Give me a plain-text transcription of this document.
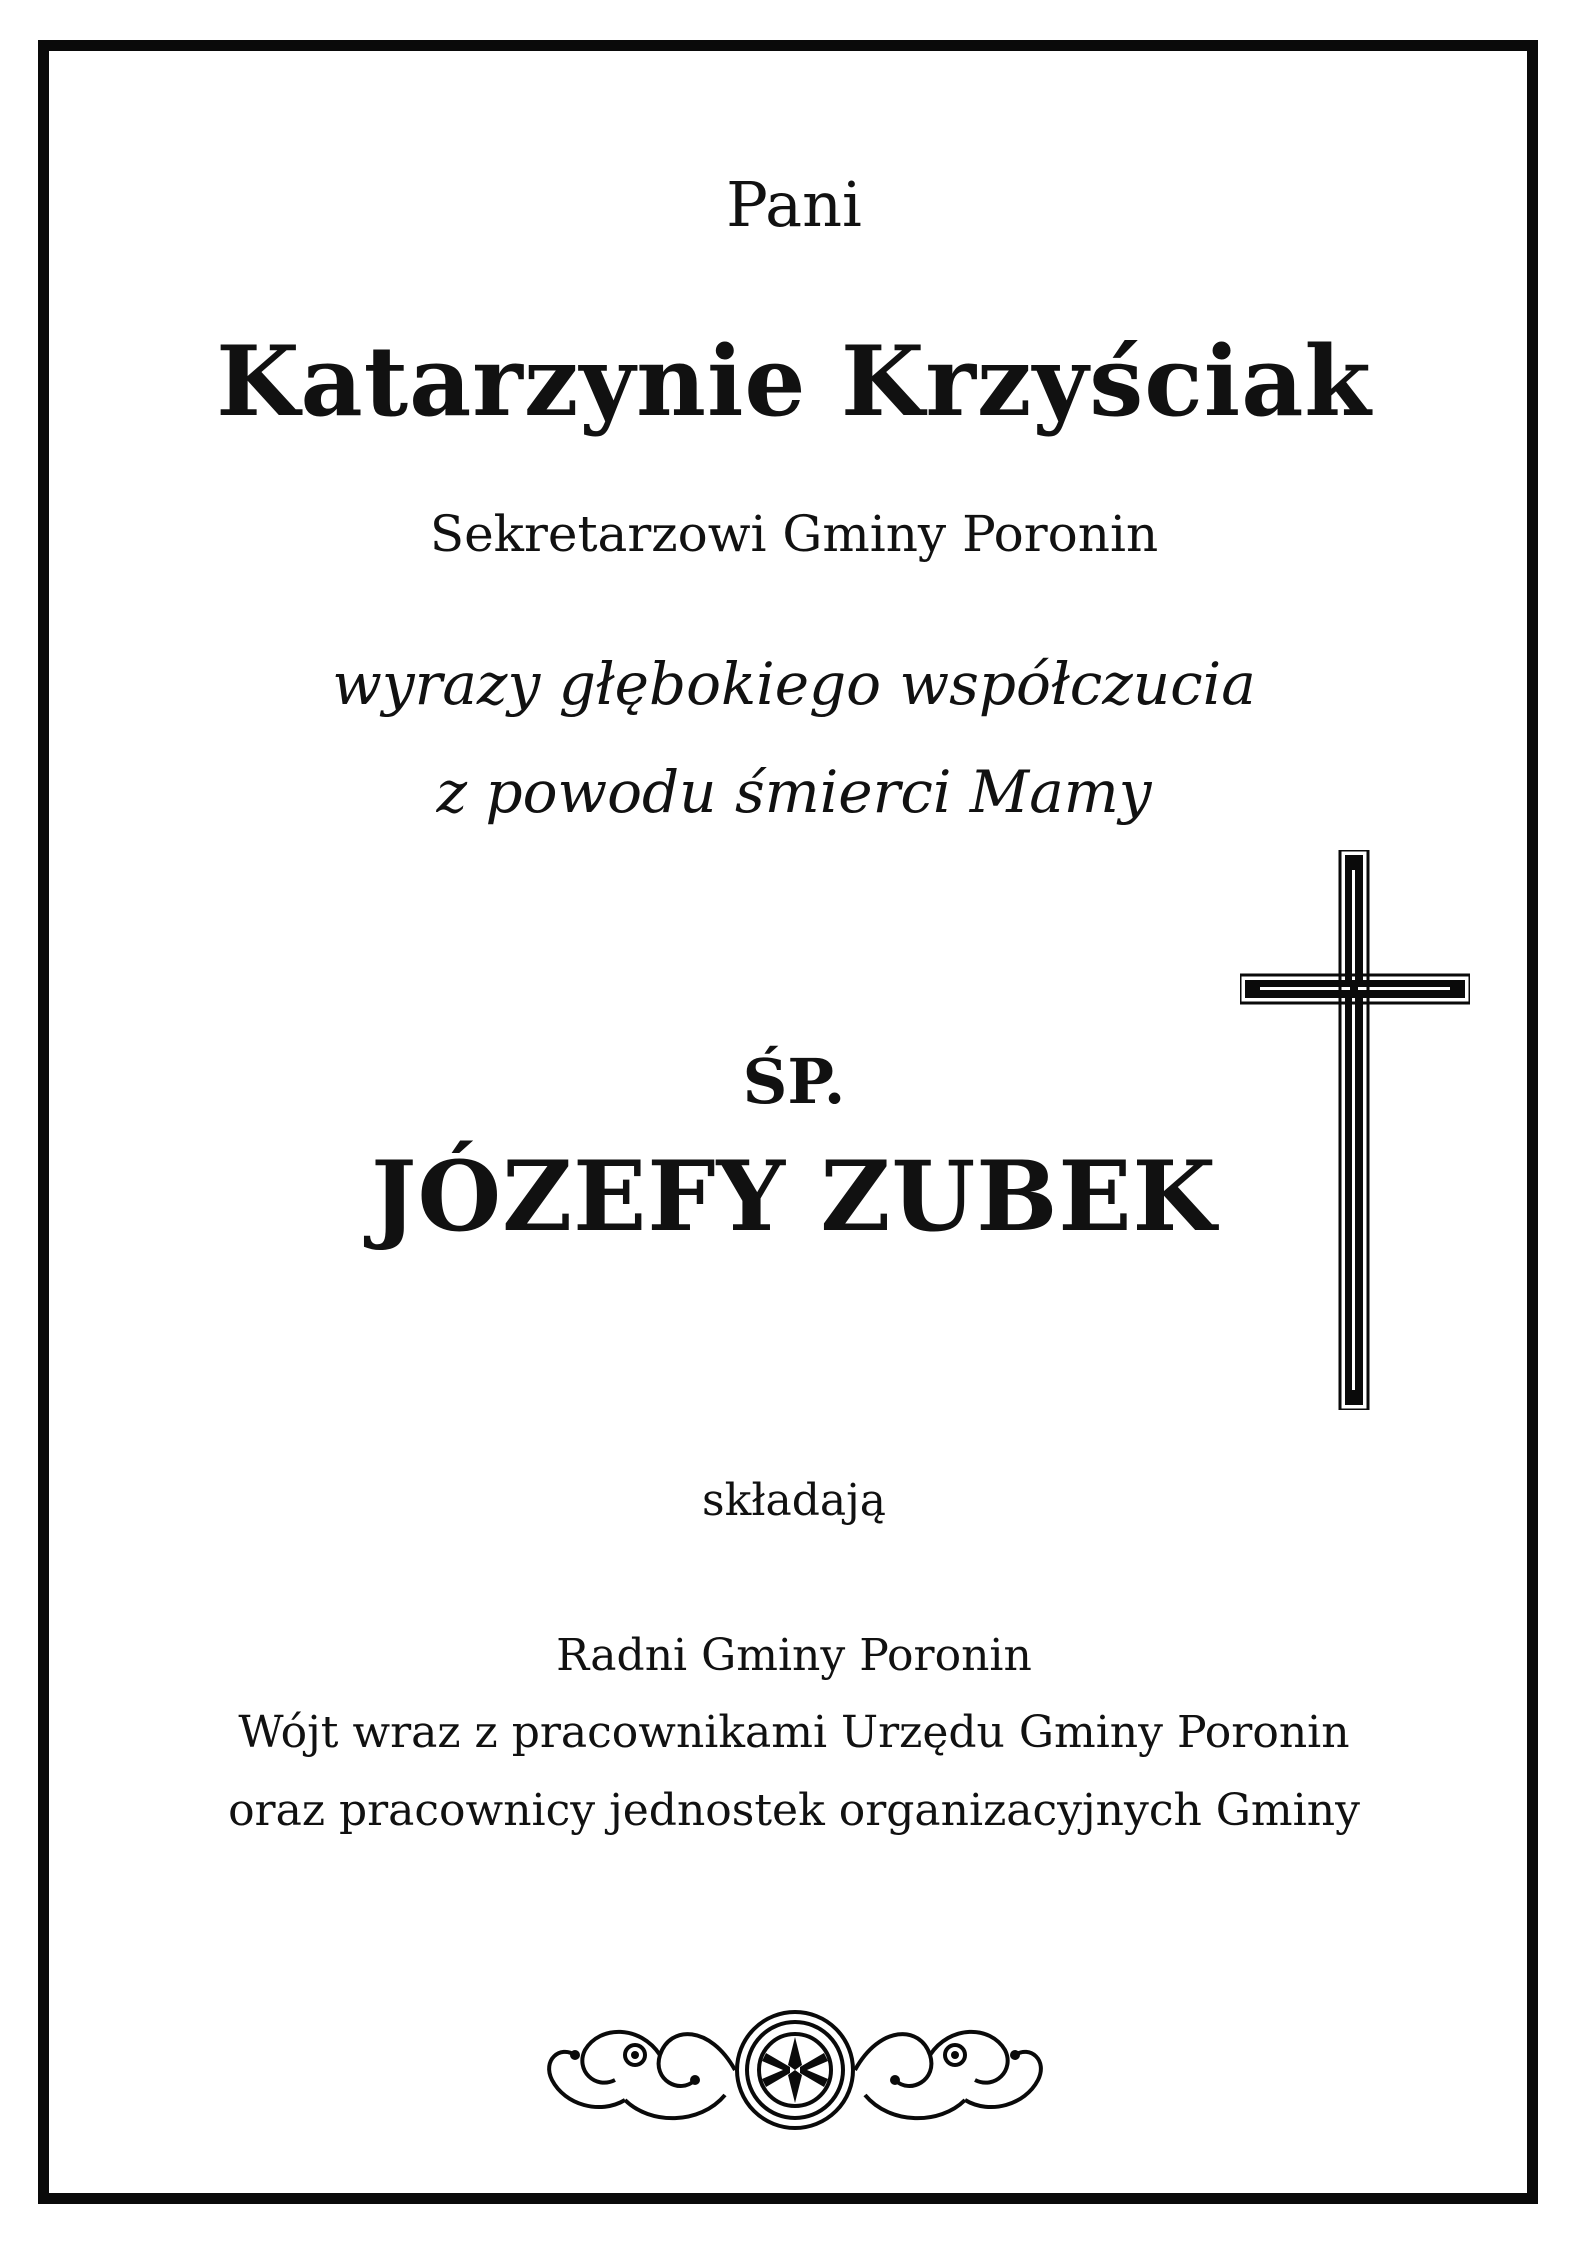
Pani
Katarzynie Krzyściak
Sekretarzowi Gminy Poronin
wyrazy głębokiego współczucia
z powodu śmierci Mamy
ŚP.
JÓZEFY ZUBEK
składają
Radni Gminy Poronin
Wójt wraz z pracownikami Urzędu Gminy Poronin
oraz pracownicy jednostek organizacyjnych Gminy
